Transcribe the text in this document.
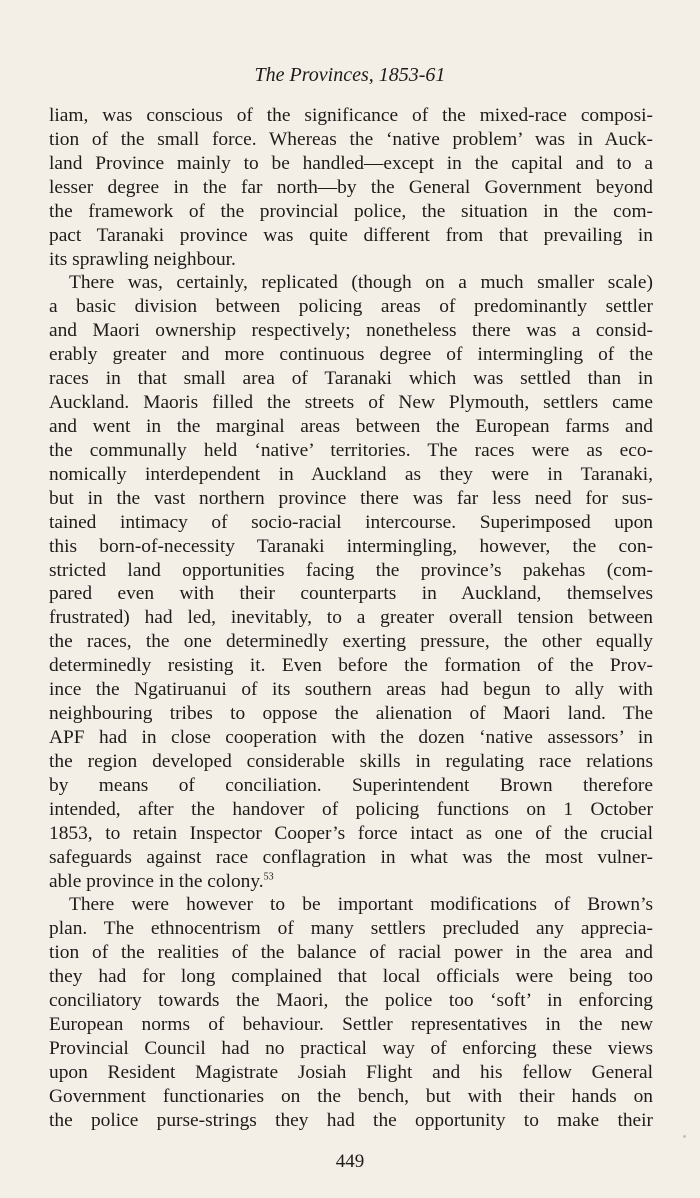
The Provinces, 1853-61
liam, was conscious of the significance of the mixed-race composi-
tion of the small force. Whereas the ‘native problem’ was in Auck-
land Province mainly to be handled—except in the capital and to a
lesser degree in the far north—by the General Government beyond
the framework of the provincial police, the situation in the com-
pact Taranaki province was quite different from that prevailing in
its sprawling neighbour.
There was, certainly, replicated (though on a much smaller scale)
a basic division between policing areas of predominantly settler
and Maori ownership respectively; nonetheless there was a consid-
erably greater and more continuous degree of intermingling of the
races in that small area of Taranaki which was settled than in
Auckland. Maoris filled the streets of New Plymouth, settlers came
and went in the marginal areas between the European farms and
the communally held ‘native’ territories. The races were as eco-
nomically interdependent in Auckland as they were in Taranaki,
but in the vast northern province there was far less need for sus-
tained intimacy of socio-racial intercourse. Superimposed upon
this born-of-necessity Taranaki intermingling, however, the con-
stricted land opportunities facing the province’s pakehas (com-
pared even with their counterparts in Auckland, themselves
frustrated) had led, inevitably, to a greater overall tension between
the races, the one determinedly exerting pressure, the other equally
determinedly resisting it. Even before the formation of the Prov-
ince the Ngatiruanui of its southern areas had begun to ally with
neighbouring tribes to oppose the alienation of Maori land. The
APF had in close cooperation with the dozen ‘native assessors’ in
the region developed considerable skills in regulating race relations
by means of conciliation. Superintendent Brown therefore
intended, after the handover of policing functions on 1 October
1853, to retain Inspector Cooper’s force intact as one of the crucial
safeguards against race conflagration in what was the most vulner-
able province in the colony.$^{53}$
There were however to be important modifications of Brown’s
plan. The ethnocentrism of many settlers precluded any apprecia-
tion of the realities of the balance of racial power in the area and
they had for long complained that local officials were being too
conciliatory towards the Maori, the police too ‘soft’ in enforcing
European norms of behaviour. Settler representatives in the new
Provincial Council had no practical way of enforcing these views
upon Resident Magistrate Josiah Flight and his fellow General
Government functionaries on the bench, but with their hands on
the police purse-strings they had the opportunity to make their
449
